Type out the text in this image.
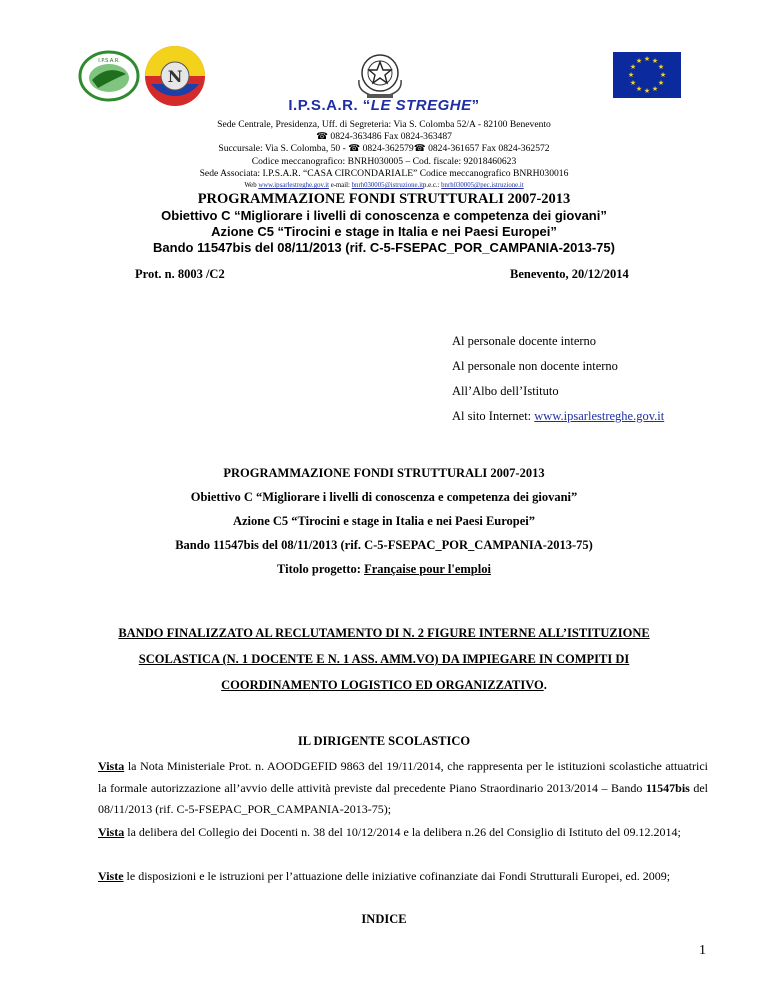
I.P.S.A.R.
N
★ ★
★
★
★
★
★
★
★
★
★
★
I.P.S.A.R. “LE STREGHE”
Sede Centrale, Presidenza, Uff. di Segreteria: Via S. Colomba 52/A - 82100 Benevento
☎ 0824-363486 Fax 0824-363487
Succursale: Via S. Colomba, 50 - ☎ 0824-362579☎ 0824-361657 Fax 0824-362572
Codice meccanografico: BNRH030005 – Cod. fiscale: 92018460623
Sede Associata: I.P.S.A.R. “CASA CIRCONDARIALE” Codice meccanografico BNRH030016
Web www.ipsarlestreghe.gov.it e-mail: bnrh030005@istruzione.itp.e.c.: bnrh030005@pec.istruzione.it
PROGRAMMAZIONE FONDI STRUTTURALI 2007-2013
Obiettivo C “Migliorare i livelli di conoscenza e competenza dei giovani”
Azione C5 “Tirocini e stage in Italia e nei Paesi Europei”
Bando 11547bis del 08/11/2013 (rif. C-5-FSEPAC_POR_CAMPANIA-2013-75)
Prot. n. 8003 /C2	Benevento, 20/12/2014
Al personale docente interno
Al personale non docente interno
All’Albo dell’Istituto
Al sito Internet: www.ipsarlestreghe.gov.it
PROGRAMMAZIONE FONDI STRUTTURALI 2007-2013
Obiettivo C “Migliorare i livelli di conoscenza e competenza dei giovani”
Azione C5 “Tirocini e stage in Italia e nei Paesi Europei”
Bando 11547bis del 08/11/2013 (rif. C-5-FSEPAC_POR_CAMPANIA-2013-75)
Titolo progetto: Française pour l'emploi
BANDO FINALIZZATO AL RECLUTAMENTO DI N. 2 FIGURE INTERNE ALL’ISTITUZIONE
SCOLASTICA (N. 1 DOCENTE E N. 1 ASS. AMM.VO) DA IMPIEGARE IN COMPITI DI
COORDINAMENTO LOGISTICO ED ORGANIZZATIVO.
IL DIRIGENTE SCOLASTICO
Vista la Nota Ministeriale Prot. n. AOODGEFID 9863 del 19/11/2014, che rappresenta per le istituzioni scolastiche attuatrici la formale autorizzazione all’avvio delle attività previste dal precedente Piano Straordinario 2013/2014 – Bando 11547bis del 08/11/2013 (rif. C-5-FSEPAC_POR_CAMPANIA-2013-75);
Vista la delibera del Collegio dei Docenti n. 38 del 10/12/2014 e la delibera n.26 del Consiglio di Istituto del 09.12.2014;
Viste le disposizioni e le istruzioni per l’attuazione delle iniziative cofinanziate dai Fondi Strutturali Europei, ed. 2009;
INDICE
1
